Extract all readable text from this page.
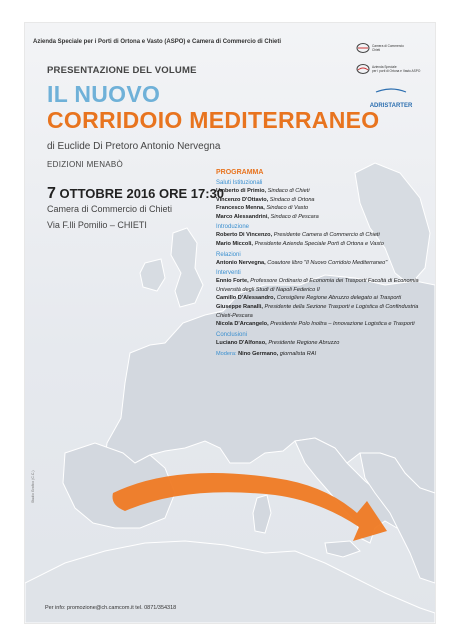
Azienda Speciale per i Porti di Ortona e Vasto (ASPO) e Camera di Commercio di Chieti
Camera di Commercio
Chieti
Azienda Speciale
per i porti di Ortona e Vasto ASPO
ADRISTARTER
PRESENTAZIONE DEL VOLUME
IL NUOVO
CORRIDOIO MEDITERRANEO
di Euclide Di Pretoro Antonio Nervegna
EDIZIONI MENABÒ
7 OTTOBRE 2016 ORE 17:30
Camera di Commercio di Chieti
Via F.lli Pomilio – CHIETI
PROGRAMMA
Saluti Istituzionali
Umberto di Primio, Sindaco di Chieti
Vincenzo D'Ottavio, Sindaco di Ortona
Francesco Menna, Sindaco di Vasto
Marco Alessandrini, Sindaco di Pescara
Introduzione
Roberto Di Vincenzo, Presidente Camera di Commercio di Chieti
Mario Miccoli, Presidente Azienda Speciale Porti di Ortona e Vasto
Relazioni
Antonio Nervegna, Coautore libro "Il Nuovo Corridoio Mediterraneo"
Interventi
Ennio Forte, Professore Ordinario di Economia dei Trasporti Facoltà di Economia Università degli Studi di Napoli Federico II
Camillo D'Alessandro, Consigliere Regione Abruzzo delegato ai Trasporti
Giuseppe Ranalli, Presidente della Sezione Trasporti e Logistica di Confindustria Chieti-Pescara
Nicola D'Arcangelo, Presidente Polo Inoltra – Innovazione Logistica e Trasporti
Conclusioni
Luciano D'Alfonso, Presidente Regione Abruzzo
Modera: Nino Germano, giornalista RAI
Studio Grafico (C.C.)
Per info: promozione@ch.camcom.it tel. 0871/354318
